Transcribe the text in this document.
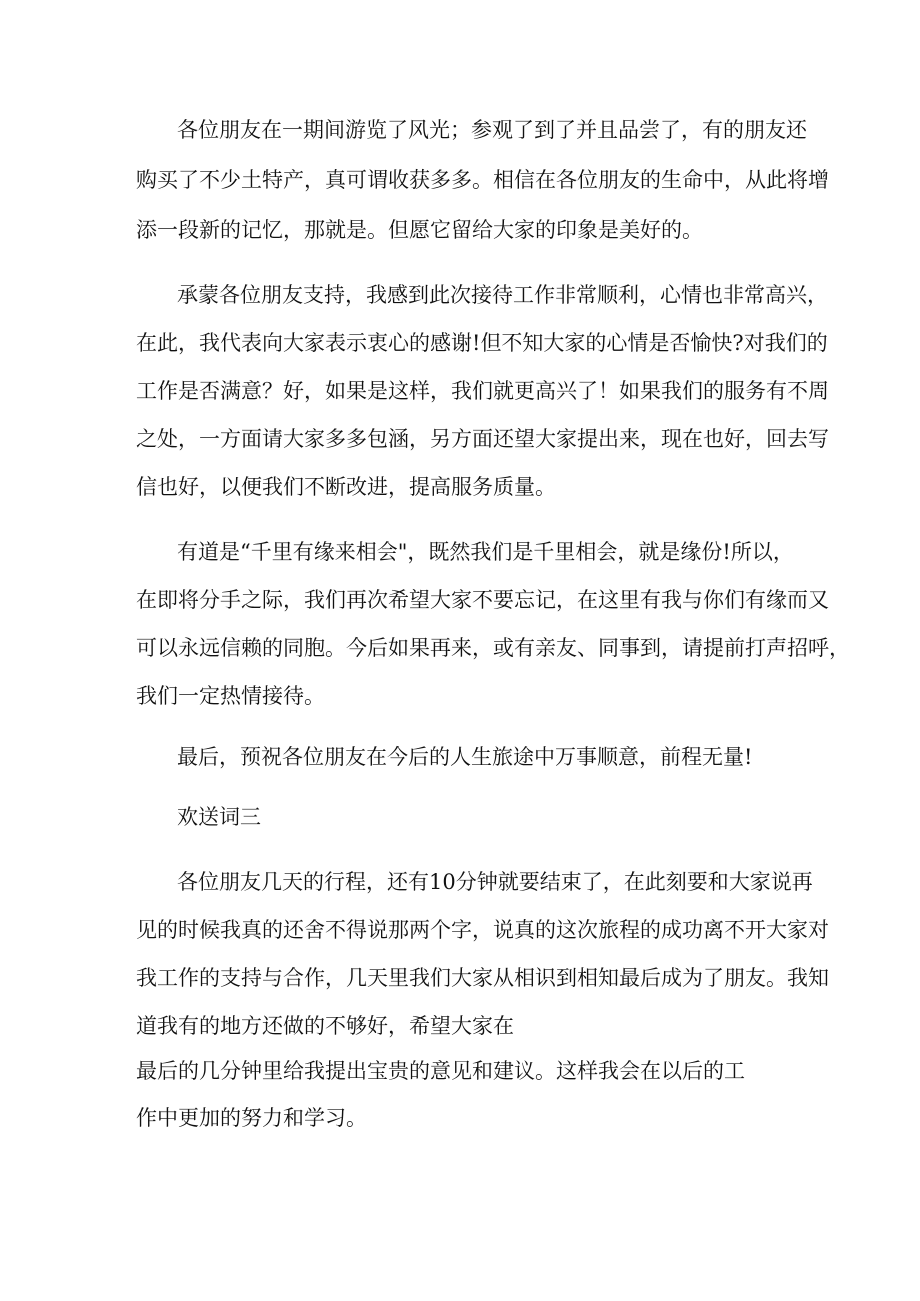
各位朋友在一期间游览了风光；参观了到了并且品尝了，有的朋友还
购买了不少土特产，真可谓收获多多。相信在各位朋友的生命中，从此将增
添一段新的记忆，那就是。但愿它留给大家的印象是美好的。
承蒙各位朋友支持，我感到此次接待工作非常顺利，心情也非常高兴，
在此，我代表向大家表示衷心的感谢!但不知大家的心情是否愉快?对我们的
工作是否满意？好，如果是这样，我们就更高兴了！如果我们的服务有不周
之处，一方面请大家多多包涵，另方面还望大家提出来，现在也好，回去写
信也好，以便我们不断改进，提高服务质量。
有道是“千里有缘来相会"，既然我们是千里相会，就是缘份!所以，
在即将分手之际，我们再次希望大家不要忘记，在这里有我与你们有缘而又
可以永远信赖的同胞。今后如果再来，或有亲友、同事到，请提前打声招呼，
我们一定热情接待。
最后，预祝各位朋友在今后的人生旅途中万事顺意，前程无量!
欢送词三
各位朋友几天的行程，还有10分钟就要结束了，在此刻要和大家说再
见的时候我真的还舍不得说那两个字，说真的这次旅程的成功离不开大家对
我工作的支持与合作，几天里我们大家从相识到相知最后成为了朋友。我知
道我有的地方还做的不够好，希望大家在
最后的几分钟里给我提出宝贵的意见和建议。这样我会在以后的工
作中更加的努力和学习。
